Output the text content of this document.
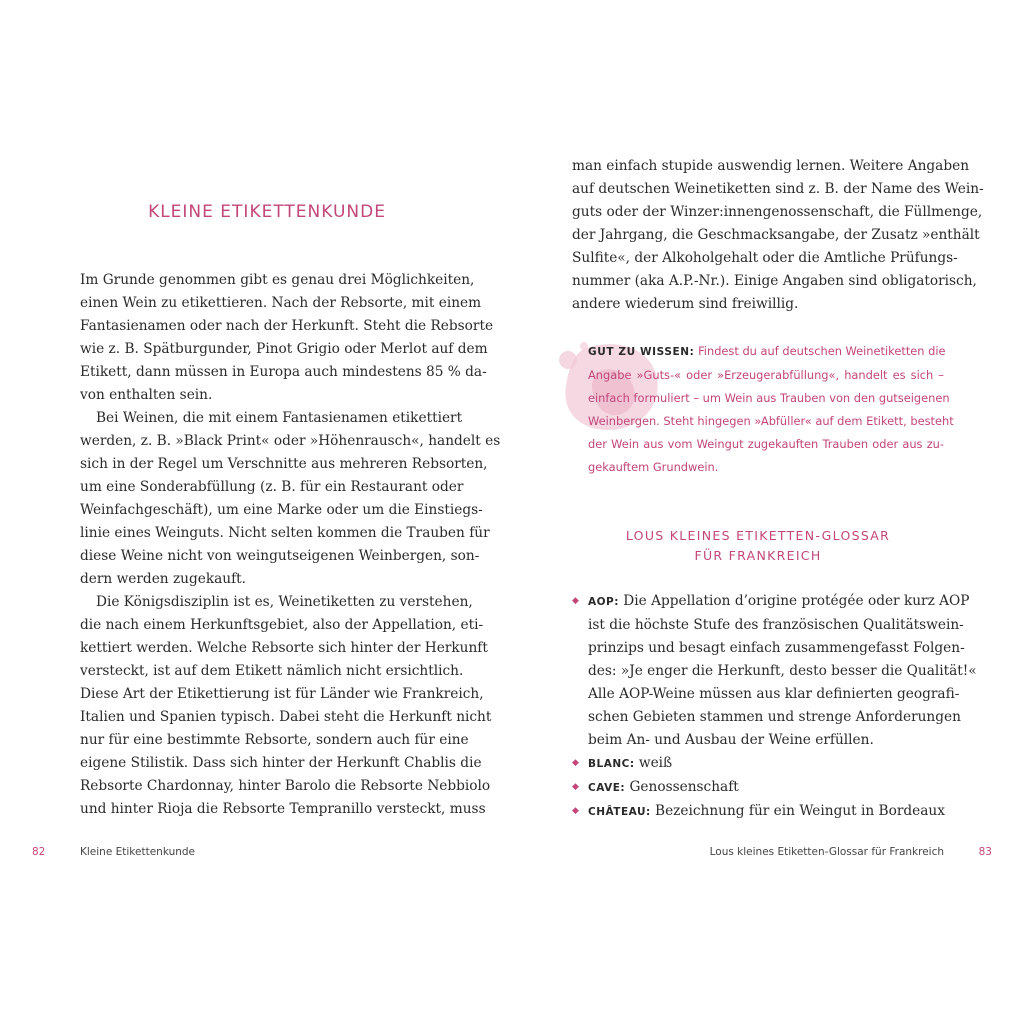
KLEINE ETIKETTENKUNDE
Im Grunde genommen gibt es genau drei Möglichkeiten,
einen Wein zu etikettieren. Nach der Rebsorte, mit einem
Fantasienamen oder nach der Herkunft. Steht die Rebsorte
wie z. B. Spätburgunder, Pinot Grigio oder Merlot auf dem
Etikett, dann müssen in Europa auch mindestens 85 % da-
von enthalten sein.
Bei Weinen, die mit einem Fantasienamen etikettiert
werden, z. B. »Black Print« oder »Höhenrausch«, handelt es
sich in der Regel um Verschnitte aus mehreren Rebsorten,
um eine Sonderabfüllung (z. B. für ein Restaurant oder
Weinfachgeschäft), um eine Marke oder um die Einstiegs-
linie eines Weinguts. Nicht selten kommen die Trauben für
diese Weine nicht von weingutseigenen Weinbergen, son-
dern werden zugekauft.
Die Königsdisziplin ist es, Weinetiketten zu verstehen,
die nach einem Herkunftsgebiet, also der Appellation, eti-
kettiert werden. Welche Rebsorte sich hinter der Herkunft
versteckt, ist auf dem Etikett nämlich nicht ersichtlich.
Diese Art der Etikettierung ist für Länder wie Frankreich,
Italien und Spanien typisch. Dabei steht die Herkunft nicht
nur für eine bestimmte Rebsorte, sondern auch für eine
eigene Stilistik. Dass sich hinter der Herkunft Chablis die
Rebsorte Chardonnay, hinter Barolo die Rebsorte Nebbiolo
und hinter Rioja die Rebsorte Tempranillo versteckt, muss
82	Kleine Etikettenkunde
man einfach stupide auswendig lernen. Weitere Angaben
auf deutschen Weinetiketten sind z. B. der Name des Wein-
guts oder der Winzer:innengenossenschaft, die Füllmenge,
der Jahrgang, die Geschmacksangabe, der Zusatz »enthält
Sulfite«, der Alkoholgehalt oder die Amtliche Prüfungs-
nummer (aka A.P.-Nr.). Einige Angaben sind obligatorisch,
andere wiederum sind freiwillig.
GUT ZU WISSEN: Findest du auf deutschen Weinetiketten die
Angabe »Guts-« oder »Erzeugerabfüllung«, handelt es sich –
einfach formuliert – um Wein aus Trauben von den gutseigenen
Weinbergen. Steht hingegen »Abfüller« auf dem Etikett, besteht
der Wein aus vom Weingut zugekauften Trauben oder aus zu-
gekauftem Grundwein.
LOUS KLEINES ETIKETTEN-GLOSSAR
FÜR FRANKREICH
◆ AOP: Die Appellation d’origine protégée oder kurz AOP
ist die höchste Stufe des französischen Qualitätswein-
prinzips und besagt einfach zusammengefasst Folgen-
des: »Je enger die Herkunft, desto besser die Qualität!«
Alle AOP-Weine müssen aus klar definierten geografi-
schen Gebieten stammen und strenge Anforderungen
beim An- und Ausbau der Weine erfüllen.
◆ BLANC: weiß
◆ CAVE: Genossenschaft
◆ CHÂTEAU: Bezeichnung für ein Weingut in Bordeaux
Lous kleines Etiketten-Glossar für Frankreich	83
